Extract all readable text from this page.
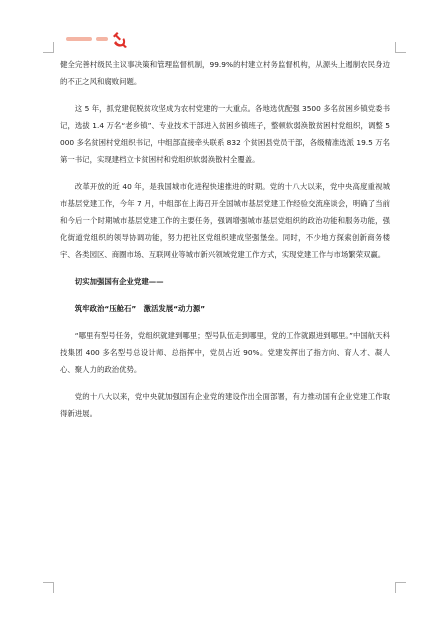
健全完善村级民主议事决策和管理监督机制，99.9%的村建立村务监督机构，从源头上遏制农民身边的不正之风和腐败问题。

这 5 年，抓党建促脱贫攻坚成为农村党建的一大重点。各地选优配强 3500 多名贫困乡镇党委书记，选拔 1.4 万名“老乡镇”、专业技术干部进入贫困乡镇班子，整顿软弱涣散贫困村党组织，调整 5000 多名贫困村党组织书记，中组部直接牵头联系 832 个贫困县党员干部，各级精准选派 19.5 万名第一书记，实现建档立卡贫困村和党组织软弱涣散村全覆盖。

改革开放的近 40 年，是我国城市化进程快速推进的时期。党的十八大以来，党中央高度重视城市基层党建工作，今年 7 月，中组部在上海召开全国城市基层党建工作经验交流座谈会，明确了当前和今后一个时期城市基层党建工作的主要任务，强调增强城市基层党组织的政治功能和服务功能，强化街道党组织的领导协调功能，努力把社区党组织建成坚强堡垒。同时，不少地方探索创新商务楼宇、各类园区、商圈市场、互联网业等城市新兴领域党建工作方式，实现党建工作与市场繁荣双赢。

切实加强国有企业党建——

筑牢政治“压舱石”　激活发展“动力源”

“哪里有型号任务，党组织就建到哪里；型号队伍走到哪里，党的工作就跟进到哪里。”中国航天科技集团 400 多名型号总设计师、总指挥中，党员占近 90%。党建发挥出了指方向、育人才、凝人心、聚人力的政治优势。

党的十八大以来，党中央就加强国有企业党的建设作出全面部署，有力推动国有企业党建工作取得新进展。
